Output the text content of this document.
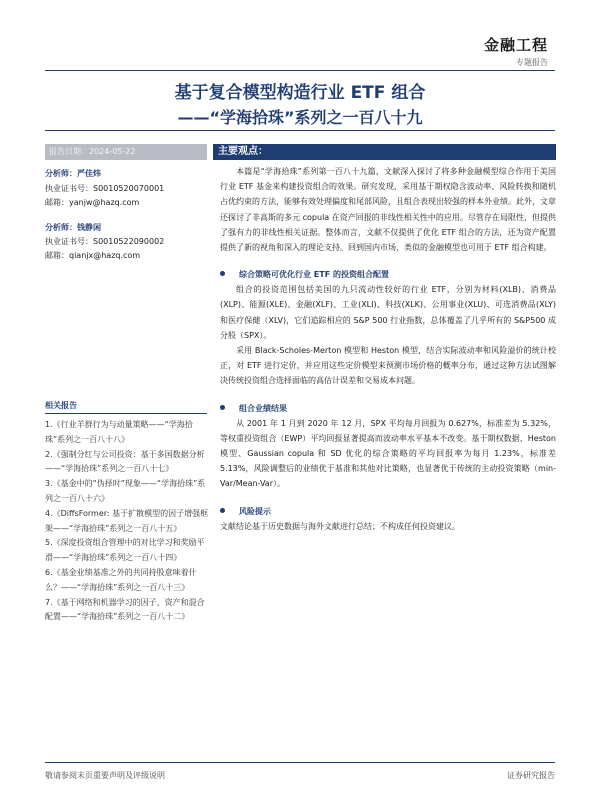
金融工程
专题报告
基于复合模型构造行业 ETF 组合
——“学海拾珠”系列之一百八十九
报告日期：2024-05-22
分析师：严佳炜
执业证书号：S0010520070001
邮箱：yanjw@hazq.com
分析师：钱静闲
执业证书号：S0010522090002
邮箱：qianjx@hazq.com
相关报告
1.《行业羊群行为与动量策略——“学海拾珠”系列之一百八十八》
2.《强制分红与公司投资：基于多国数据分析——“学海拾珠”系列之一百八十七》
3.《基金中的“伪择时”现象——“学海拾珠”系列之一百八十六》
4.《DiffsFormer: 基于扩散模型的因子增强框架——“学海拾珠”系列之一百八十五》
5.《深度投资组合管理中的对比学习和奖励平滑——“学海拾珠”系列之一百八十四》
6.《基金业绩基准之外的共同持股意味着什么？——“学海拾珠”系列之一百八十三》
7.《基于网络和机器学习的因子、资产和混合配置——“学海拾珠”系列之一百八十二》
主要观点：

本篇是“学海拾珠”系列第一百八十九篇，文献深入探讨了将多种金融模型综合作用于美国行业 ETF 基金来构建投资组合的效果。研究发现，采用基于期权隐含波动率、风险转换和随机占优约束的方法，能够有效处理偏度和尾部风险，且组合表现出较强的样本外业绩。此外，文章还探讨了非高斯的多元 copula 在资产回报的非线性相关性中的应用。尽管存在局限性，但提供了强有力的非线性相关证据。整体而言，文献不仅提供了优化 ETF 组合的方法，还为资产配置提供了新的视角和深入的理论支持。回到国内市场，类似的金融模型也可用于 ETF 组合构建。

综合策略可优化行业 ETF 的投资组合配置

组合的投资范围包括美国的九只流动性较好的行业 ETF，分别为材料(XLB)、消费品(XLP)、能源(XLE)、金融(XLF)、工业(XLI)、科技(XLK)、公用事业(XLU)、可选消费品(XLY)和医疗保健（XLV)，它们追踪相应的 S&P 500 行业指数，总体覆盖了几乎所有的 S&P500 成分股（SPX）。

采用 Black-Scholes-Merton 模型和 Heston 模型，结合实际波动率和风险溢价的统计校正，对 ETF 进行定价，并应用这些定价模型来预测市场价格的概率分布，通过这种方法试图解决传统投资组合选择面临的高估计误差和交易成本问题。

组合业绩结果

从 2001 年 1 月到 2020 年 12 月，SPX 平均每月回报为 0.627%，标准差为 5.32%，等权重投资组合（EWP）平均回报显著提高而波动率水平基本不改变。基于期权数据、Heston 模型、Gaussian copula 和 SD 优化的综合策略的平均回报率为每月 1.23%，标准差 5.13%，风险调整后的业绩优于基准和其他对比策略，也显著优于传统的主动投资策略（min-Var/Mean-Var）。

风险提示

文献结论基于历史数据与海外文献进行总结；不构成任何投资建议。

敬请参阅末页重要声明及评级说明	证券研究报告
